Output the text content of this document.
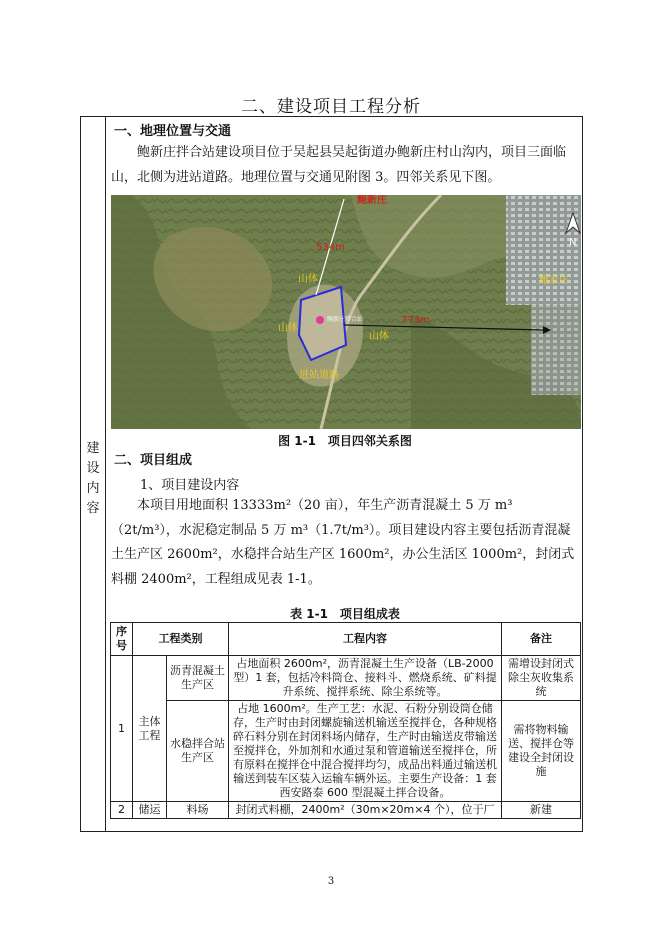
二、建设项目工程分析
建
设
内
容
一、地理位置与交通

鲍新庄拌合站建设项目位于吴起县吴起街道办鲍新庄村山沟内，项目三面临山，北侧为进站道路。地理位置与交通见附图 3。四邻关系见下图。

鲍新庄
534m
山体
山体
山体
773m
鲍家庄
进站道路
鲍新庄拌合站
N
图 1-1　项目四邻关系图
二、项目组成
1、项目建设内容

本项目用地面积 13333m²（20 亩），年生产沥青混凝土 5 万 m³（2t/m³），水泥稳定制品 5 万 m³（1.7t/m³）。项目建设内容主要包括沥青混凝土生产区 2600m²，水稳拌合站生产区 1600m²，办公生活区 1000m²，封闭式料棚 2400m²，工程组成见表 1-1。

表 1-1　项目组成表
序号	工程类别		工程内容	备注
1	主体工程	沥青混凝土生产区	占地面积 2600m²，沥青混凝土生产设备（LB-2000 型）1 套，包括冷料筒仓、接料斗、燃烧系统、矿料提升系统、搅拌系统、除尘系统等。	需增设封闭式除尘灰收集系统
		水稳拌合站生产区	占地 1600m²。生产工艺：水泥、石粉分别设筒仓储存，生产时由封闭螺旋输送机输送至搅拌仓，各种规格碎石料分别在封闭料场内储存，生产时由输送皮带输送至搅拌仓，外加剂和水通过泵和管道输送至搅拌仓，所有原料在搅拌仓中混合搅拌均匀，成品出料通过输送机输送到装车区装入运输车辆外运。主要生产设备：1 套西安路泰 600 型混凝土拌合设备。	需将物料输送、搅拌仓等建设全封闭设施
2	储运	料场	封闭式料棚，2400m²（30m×20m×4 个），位于厂	新建
3
